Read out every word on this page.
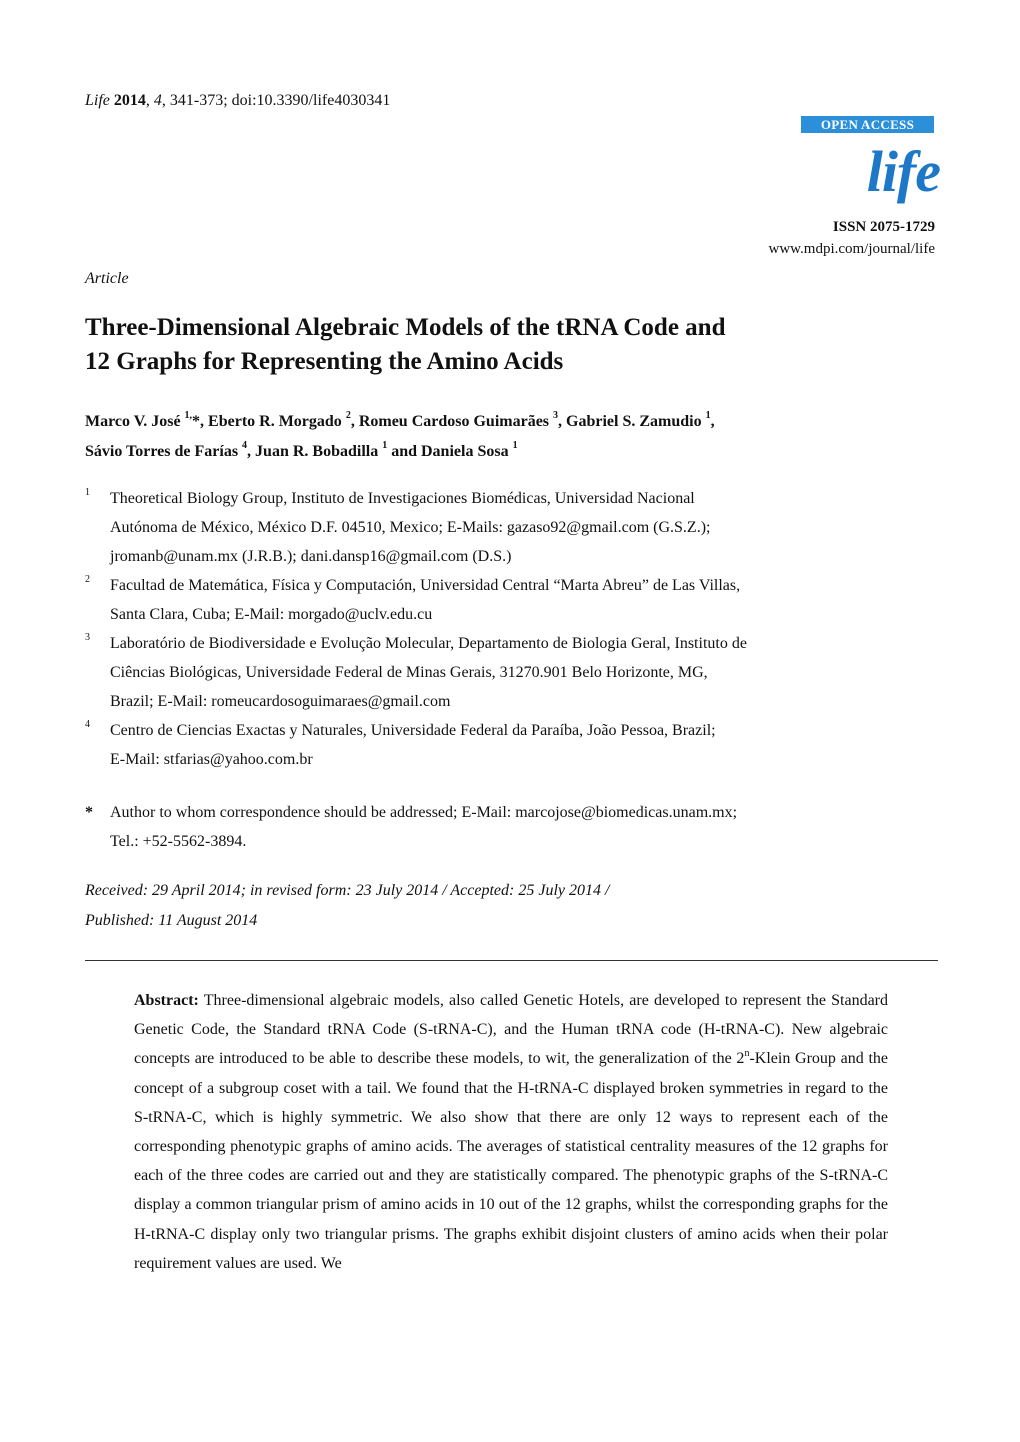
Life 2014, 4, 341-373; doi:10.3390/life4030341
OPEN ACCESS
life
ISSN 2075-1729
www.mdpi.com/journal/life
Article
Three-Dimensional Algebraic Models of the tRNA Code and
12 Graphs for Representing the Amino Acids
Marco V. José $^{1,}$*, Eberto R. Morgado $^2$, Romeu Cardoso Guimarães $^3$, Gabriel S. Zamudio $^1$,
Sávio Torres de Farías $^4$, Juan R. Bobadilla $^1$ and Daniela Sosa $^1$
1 Theoretical Biology Group, Instituto de Investigaciones Biomédicas, Universidad Nacional
Autónoma de México, México D.F. 04510, Mexico; E-Mails: gazaso92@gmail.com (G.S.Z.);
jromanb@unam.mx (J.R.B.); dani.dansp16@gmail.com (D.S.)
2 Facultad de Matemática, Física y Computación, Universidad Central “Marta Abreu” de Las Villas,
Santa Clara, Cuba; E-Mail: morgado@uclv.edu.cu
3 Laboratório de Biodiversidade e Evolução Molecular, Departamento de Biologia Geral, Instituto de
Ciências Biológicas, Universidade Federal de Minas Gerais, 31270.901 Belo Horizonte, MG,
Brazil; E-Mail: romeucardosoguimaraes@gmail.com
4 Centro de Ciencias Exactas y Naturales, Universidade Federal da Paraíba, João Pessoa, Brazil;
E-Mail: stfarias@yahoo.com.br
* Author to whom correspondence should be addressed; E-Mail: marcojose@biomedicas.unam.mx;
Tel.: +52-5562-3894.
Received: 29 April 2014; in revised form: 23 July 2014 / Accepted: 25 July 2014 /
Published: 11 August 2014
Abstract: Three-dimensional algebraic models, also called Genetic Hotels, are developed to represent the Standard Genetic Code, the Standard tRNA Code (S-tRNA-C), and the Human tRNA code (H-tRNA-C). New algebraic concepts are introduced to be able to describe these models, to wit, the generalization of the 2$^n$-Klein Group and the concept of a subgroup coset with a tail. We found that the H-tRNA-C displayed broken symmetries in regard to the S-tRNA-C, which is highly symmetric. We also show that there are only 12 ways to represent each of the corresponding phenotypic graphs of amino acids. The averages of statistical centrality measures of the 12 graphs for each of the three codes are carried out and they are statistically compared. The phenotypic graphs of the S-tRNA-C display a common triangular prism of amino acids in 10 out of the 12 graphs, whilst the corresponding graphs for the H-tRNA-C display only two triangular prisms. The graphs exhibit disjoint clusters of amino acids when their polar requirement values are used. We
